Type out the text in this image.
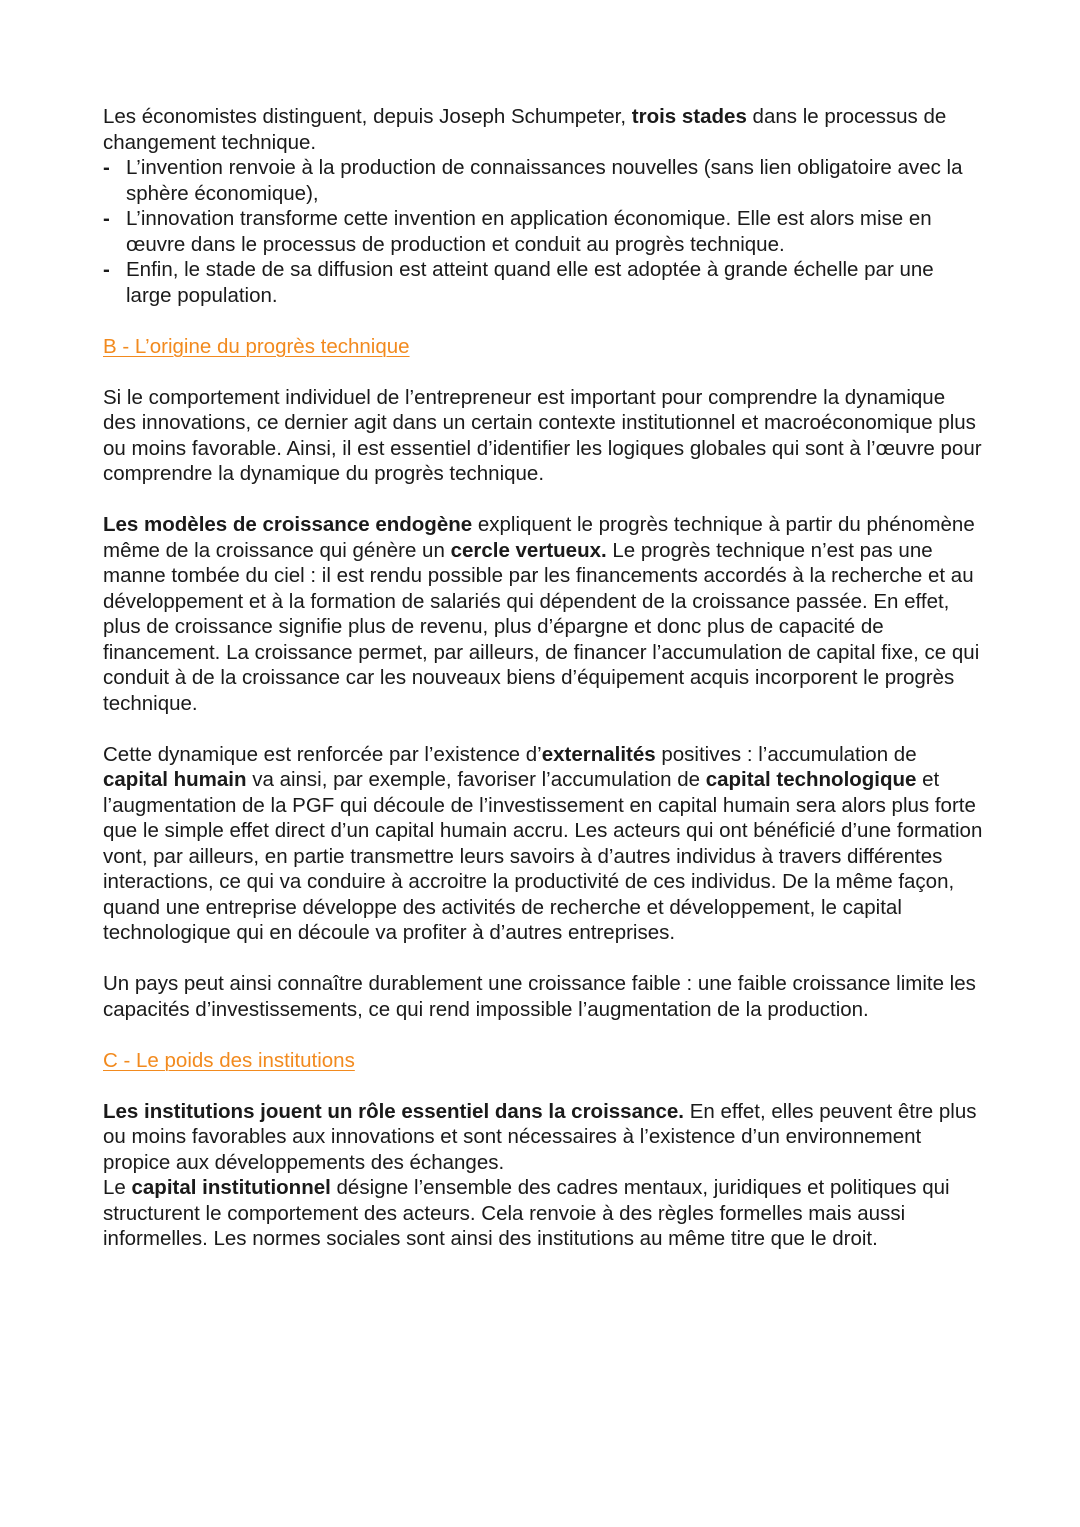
Les économistes distinguent, depuis Joseph Schumpeter, trois stades dans le processus de changement technique.

- L’invention renvoie à la production de connaissances nouvelles (sans lien obligatoire avec la sphère économique),
- L’innovation transforme cette invention en application économique. Elle est alors mise en œuvre dans le processus de production et conduit au progrès technique.
- Enfin, le stade de sa diffusion est atteint quand elle est adoptée à grande échelle par une large population.

B - L’origine du progrès technique

Si le comportement individuel de l’entrepreneur est important pour comprendre la dynamique des innovations, ce dernier agit dans un certain contexte institutionnel et macroéconomique plus ou moins favorable. Ainsi, il est essentiel d’identifier les logiques globales qui sont à l’œuvre pour comprendre la dynamique du progrès technique.

Les modèles de croissance endogène expliquent le progrès technique à partir du phénomène même de la croissance qui génère un cercle vertueux. Le progrès technique n’est pas une manne tombée du ciel : il est rendu possible par les financements accordés à la recherche et au développement et à la formation de salariés qui dépendent de la croissance passée. En effet, plus de croissance signifie plus de revenu, plus d’épargne et donc plus de capacité de financement. La croissance permet, par ailleurs, de financer l’accumulation de capital fixe, ce qui conduit à de la croissance car les nouveaux biens d’équipement acquis incorporent le progrès technique.

Cette dynamique est renforcée par l’existence d’externalités positives : l’accumulation de capital humain va ainsi, par exemple, favoriser l’accumulation de capital technologique et l’augmentation de la PGF qui découle de l’investissement en capital humain sera alors plus forte que le simple effet direct d’un capital humain accru. Les acteurs qui ont bénéficié d’une formation vont, par ailleurs, en partie transmettre leurs savoirs à d’autres individus à travers différentes interactions, ce qui va conduire à accroitre la productivité de ces individus. De la même façon, quand une entreprise développe des activités de recherche et développement, le capital technologique qui en découle va profiter à d’autres entreprises.

Un pays peut ainsi connaître durablement une croissance faible : une faible croissance limite les capacités d’investissements, ce qui rend impossible l’augmentation de la production.

C - Le poids des institutions

Les institutions jouent un rôle essentiel dans la croissance. En effet, elles peuvent être plus ou moins favorables aux innovations et sont nécessaires à l’existence d’un environnement propice aux développements des échanges.

Le capital institutionnel désigne l’ensemble des cadres mentaux, juridiques et politiques qui structurent le comportement des acteurs. Cela renvoie à des règles formelles mais aussi informelles. Les normes sociales sont ainsi des institutions au même titre que le droit.
